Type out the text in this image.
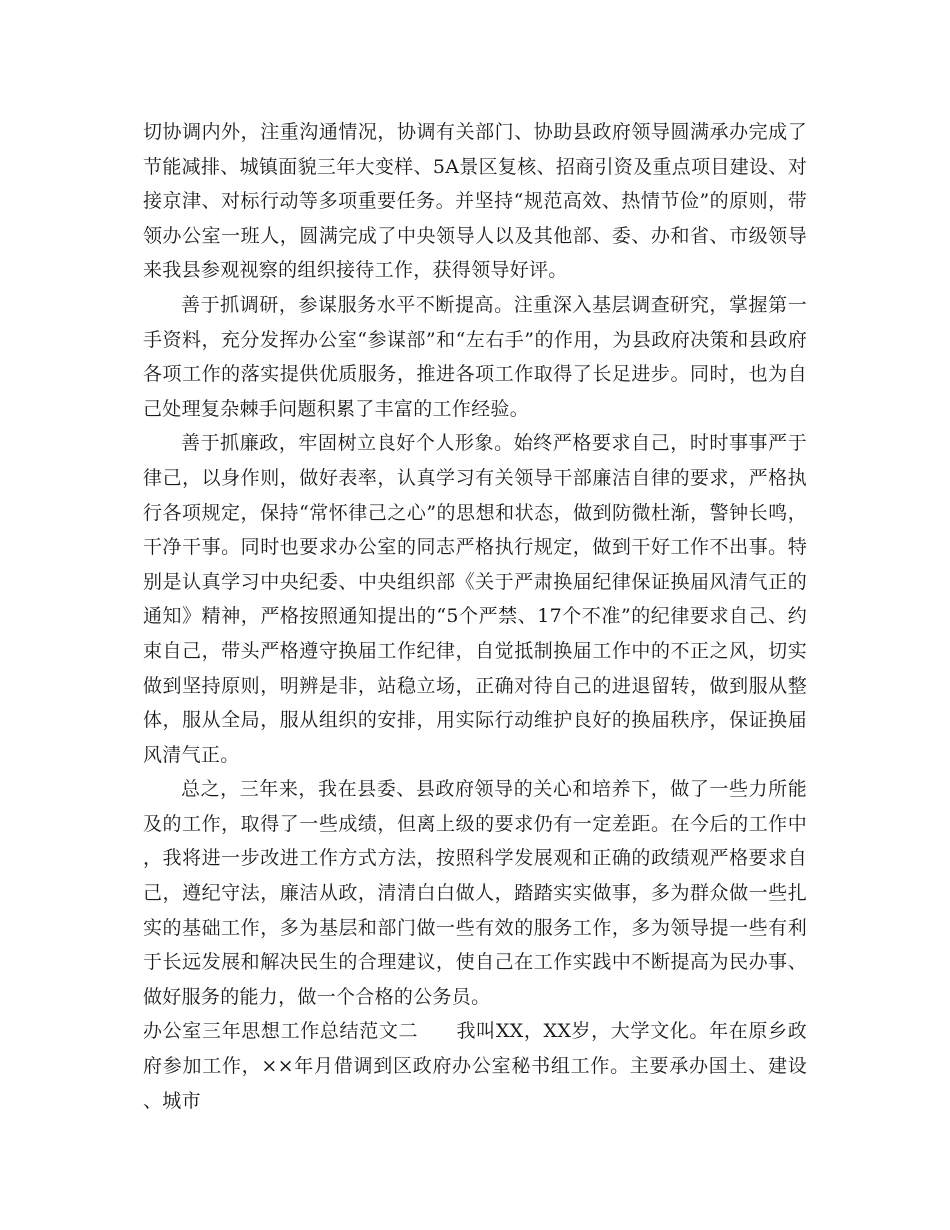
切协调内外，注重沟通情况，协调有关部门、协助县政府领导圆满承办完成了节能减排、城镇面貌三年大变样、5A景区复核、招商引资及重点项目建设、对接京津、对标行动等多项重要任务。并坚持“规范高效、热情节俭”的原则，带领办公室一班人，圆满完成了中央领导人以及其他部、委、办和省、市级领导来我县参观视察的组织接待工作，获得领导好评。

善于抓调研，参谋服务水平不断提高。注重深入基层调查研究，掌握第一手资料，充分发挥办公室“参谋部”和“左右手”的作用，为县政府决策和县政府各项工作的落实提供优质服务，推进各项工作取得了长足进步。同时，也为自己处理复杂棘手问题积累了丰富的工作经验。

善于抓廉政，牢固树立良好个人形象。始终严格要求自己，时时事事严于律己，以身作则，做好表率，认真学习有关领导干部廉洁自律的要求，严格执行各项规定，保持“常怀律己之心”的思想和状态，做到防微杜渐，警钟长鸣，干净干事。同时也要求办公室的同志严格执行规定，做到干好工作不出事。特别是认真学习中央纪委、中央组织部《关于严肃换届纪律保证换届风清气正的通知》精神，严格按照通知提出的“5个严禁、17个不准”的纪律要求自己、约束自己，带头严格遵守换届工作纪律，自觉抵制换届工作中的不正之风，切实做到坚持原则，明辨是非，站稳立场，正确对待自己的进退留转，做到服从整体，服从全局，服从组织的安排，用实际行动维护良好的换届秩序，保证换届风清气正。

总之，三年来，我在县委、县政府领导的关心和培养下，做了一些力所能及的工作，取得了一些成绩，但离上级的要求仍有一定差距。在今后的工作中，我将进一步改进工作方式方法，按照科学发展观和正确的政绩观严格要求自己，遵纪守法，廉洁从政，清清白白做人，踏踏实实做事，多为群众做一些扎实的基础工作，多为基层和部门做一些有效的服务工作，多为领导提一些有利于长远发展和解决民生的合理建议，使自己在工作实践中不断提高为民办事、做好服务的能力，做一个合格的公务员。

办公室三年思想工作总结范文二 我叫XX，XX岁，大学文化。年在原乡政府参加工作，××年月借调到区政府办公室秘书组工作。主要承办国土、建设、城市
